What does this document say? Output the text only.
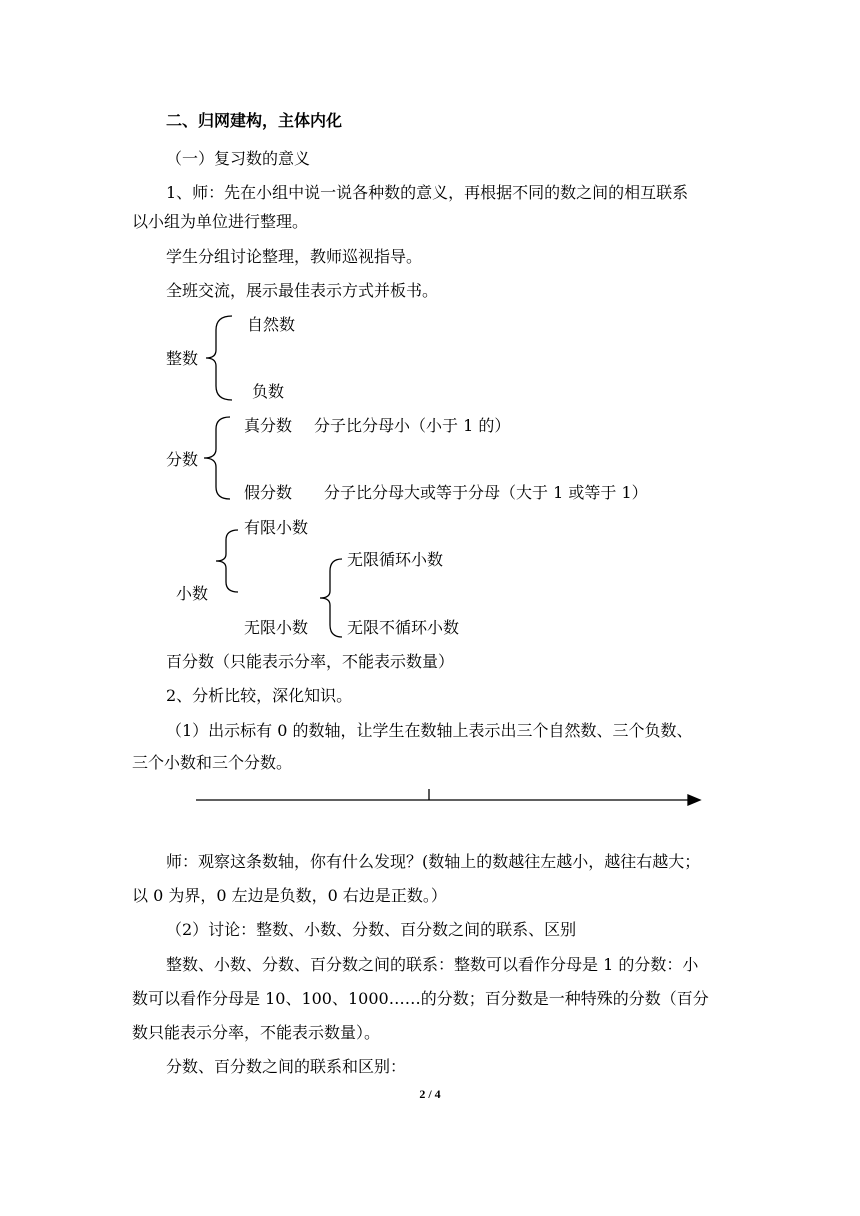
二、归网建构，主体内化
（一）复习数的意义
1、师：先在小组中说一说各种数的意义，再根据不同的数之间的相互联系
以小组为单位进行整理。
学生分组讨论整理，教师巡视指导。
全班交流，展示最佳表示方式并板书。
整数
自然数
负数
分数
真分数 分子比分母小（小于 1 的）
假分数 分子比分母大或等于分母（大于 1 或等于 1）
有限小数
小数
无限小数
无限循环小数
无限不循环小数
百分数（只能表示分率，不能表示数量）
2、分析比较，深化知识。
（1）出示标有 0 的数轴，让学生在数轴上表示出三个自然数、三个负数、
三个小数和三个分数。
师：观察这条数轴，你有什么发现？(数轴上的数越往左越小，越往右越大；
以 0 为界，0 左边是负数，0 右边是正数。）
（2）讨论：整数、小数、分数、百分数之间的联系、区别
整数、小数、分数、百分数之间的联系：整数可以看作分母是 1 的分数：小
数可以看作分母是 10、100、1000……的分数；百分数是一种特殊的分数（百分
数只能表示分率，不能表示数量）。
分数、百分数之间的联系和区别：
2 / 4
